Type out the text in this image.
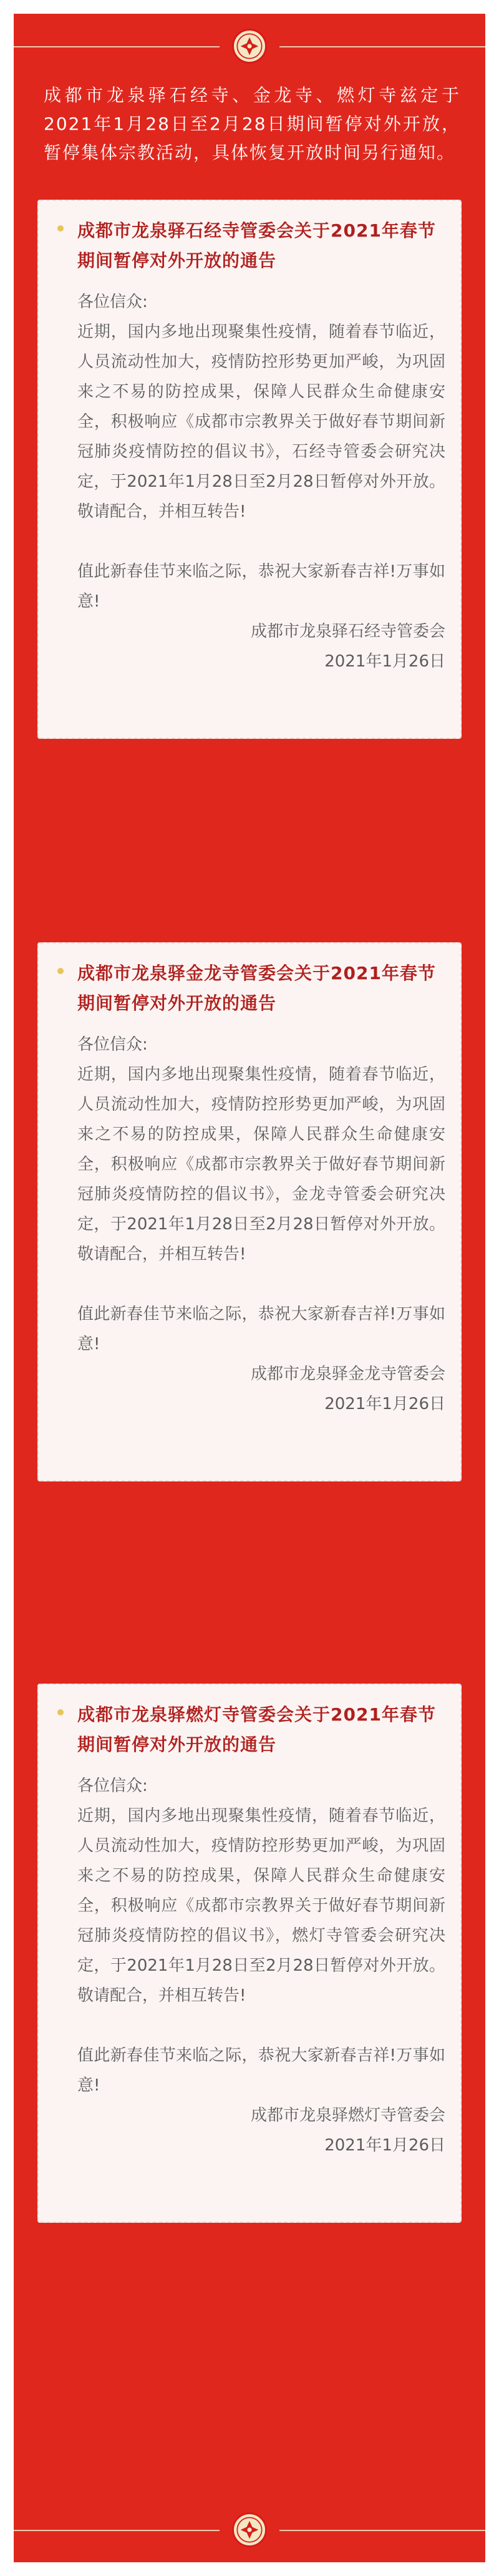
成都市龙泉驿石经寺、金龙寺、燃灯寺兹定于2021年1月28日至2月28日期间暂停对外开放，暂停集体宗教活动，具体恢复开放时间另行通知。
成都市龙泉驿石经寺管委会关于2021年春节期间暂停对外开放的通告

各位信众:

近期，国内多地出现聚集性疫情，随着春节临近，人员流动性加大，疫情防控形势更加严峻，为巩固来之不易的防控成果，保障人民群众生命健康安全，积极响应《成都市宗教界关于做好春节期间新冠肺炎疫情防控的倡议书》，石经寺管委会研究决定，于2021年1月28日至2月28日暂停对外开放。敬请配合，并相互转告!

值此新春佳节来临之际，恭祝大家新春吉祥!万事如意!

成都市龙泉驿石经寺管委会

2021年1月26日

成都市龙泉驿金龙寺管委会关于2021年春节期间暂停对外开放的通告

各位信众:

近期，国内多地出现聚集性疫情，随着春节临近，人员流动性加大，疫情防控形势更加严峻，为巩固来之不易的防控成果，保障人民群众生命健康安全，积极响应《成都市宗教界关于做好春节期间新冠肺炎疫情防控的倡议书》，金龙寺管委会研究决定，于2021年1月28日至2月28日暂停对外开放。敬请配合，并相互转告!

值此新春佳节来临之际，恭祝大家新春吉祥!万事如意!

成都市龙泉驿金龙寺管委会

2021年1月26日

成都市龙泉驿燃灯寺管委会关于2021年春节期间暂停对外开放的通告

各位信众:

近期，国内多地出现聚集性疫情，随着春节临近，人员流动性加大，疫情防控形势更加严峻，为巩固来之不易的防控成果，保障人民群众生命健康安全，积极响应《成都市宗教界关于做好春节期间新冠肺炎疫情防控的倡议书》，燃灯寺管委会研究决定，于2021年1月28日至2月28日暂停对外开放。敬请配合，并相互转告!

值此新春佳节来临之际，恭祝大家新春吉祥!万事如意!

成都市龙泉驿燃灯寺管委会

2021年1月26日
